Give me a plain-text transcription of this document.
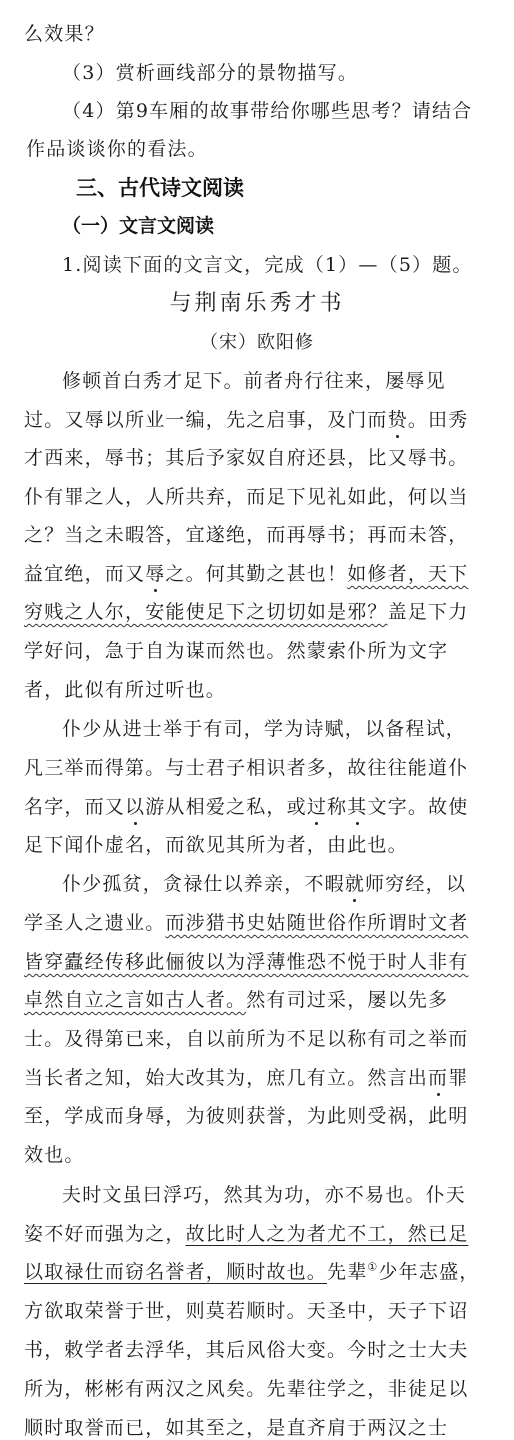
么效果？

（3）赏析画线部分的景物描写。

（4）第9车厢的故事带给你哪些思考？请结合

作品谈谈你的看法。

三、古代诗文阅读

（一）文言文阅读

1.阅读下面的文言文，完成（1）—（5）题。

与荆南乐秀才书

（宋）欧阳修

修顿首白秀才足下。前者舟行往来，屡辱见

过。又辱以所业一编，先之启事，及门而贽。田秀

才西来，辱书；其后予家奴自府还县，比又辱书。

仆有罪之人，人所共弃，而足下见礼如此，何以当

之？当之未暇答，宜遂绝，而再辱书；再而未答，

益宜绝，而又辱之。何其勤之甚也！如修者，天下

穷贱之人尔，安能使足下之切切如是邪？盖足下力

学好问，急于自为谋而然也。然蒙索仆所为文字

者，此似有所过听也。

仆少从进士举于有司，学为诗赋，以备程试，

凡三举而得第。与士君子相识者多，故往往能道仆

名字，而又以游从相爱之私，或过称其文字。故使

足下闻仆虚名，而欲见其所为者，由此也。

仆少孤贫，贪禄仕以养亲，不暇就师穷经，以

学圣人之遗业。而涉猎书史姑随世俗作所谓时文者

皆穿蠹经传移此俪彼以为浮薄惟恐不悦于时人非有

卓然自立之言如古人者。然有司过采，屡以先多

士。及得第已来，自以前所为不足以称有司之举而

当长者之知，始大改其为，庶几有立。然言出而罪

至，学成而身辱，为彼则获誉，为此则受祸，此明

效也。

夫时文虽曰浮巧，然其为功，亦不易也。仆天

姿不好而强为之，故比时人之为者尤不工，然已足

以取禄仕而窃名誉者，顺时故也。先辈①少年志盛，

方欲取荣誉于世，则莫若顺时。天圣中，天子下诏

书，敕学者去浮华，其后风俗大变。今时之士大夫

所为，彬彬有两汉之风矣。先辈往学之，非徒足以

顺时取誉而已，如其至之，是直齐肩于两汉之士
